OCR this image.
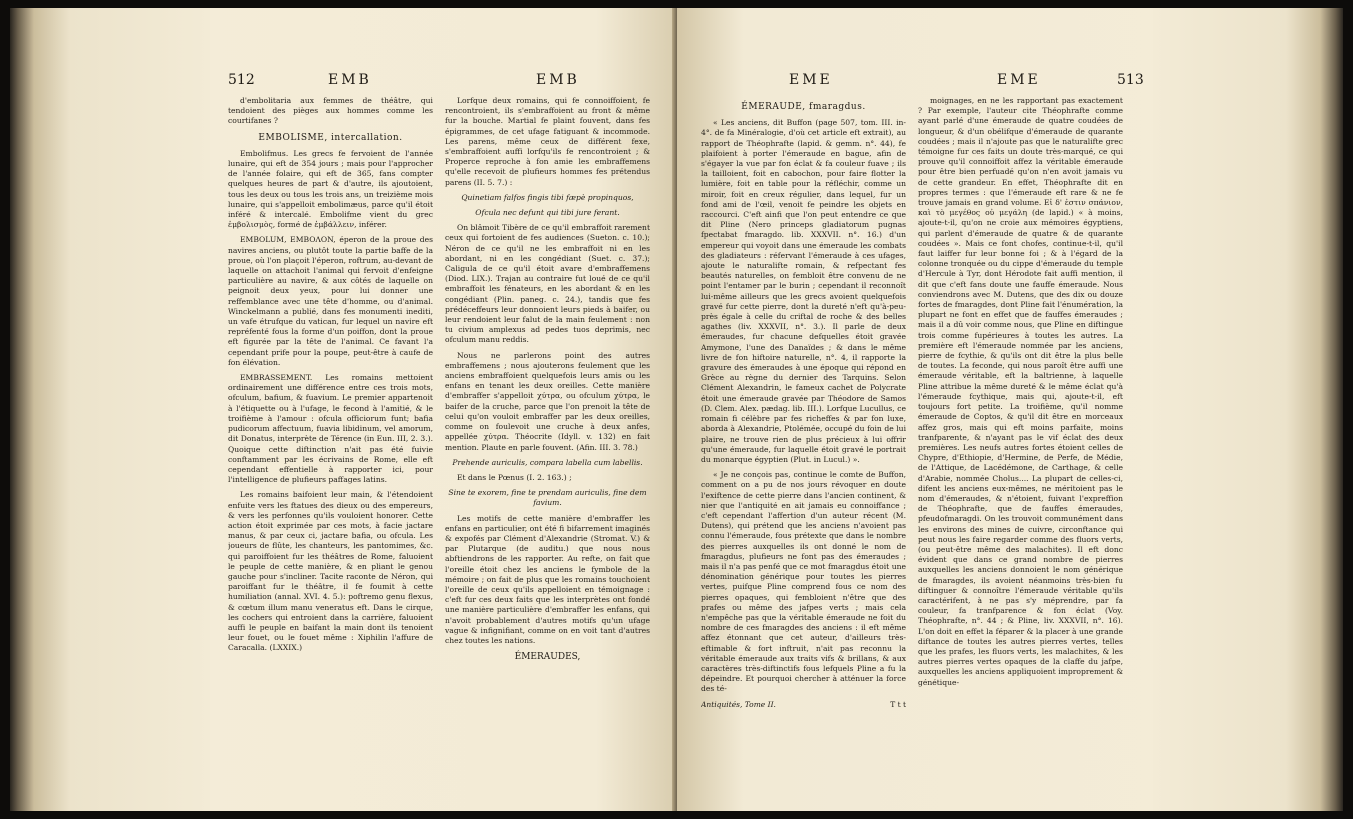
512	EMB	EMB

d'embolitaria aux femmes de théâtre, qui tendoient des pièges aux hommes comme les courtifanes ?

EMBOLISME, intercallation.

Embolifmus. Les grecs fe fervoient de l'année lunaire, qui eft de 354 jours ; mais pour l'approcher de l'année folaire, qui eft de 365, fans compter quelques heures de part & d'autre, ils ajoutoient, tous les deux ou tous les trois ans, un treizième mois lunaire, qui s'appelloit embolimæus, parce qu'il étoit inféré & intercalé. Embolifme vient du grec ἐμβολισμὸς, formé de ἐμβάλλειν, inférer.

EMBOLUM, EMBOΛON, éperon de la proue des navires anciens, ou plutôt toute la partie baffe de la proue, où l'on plaçoit l'éperon, roftrum, au-devant de laquelle on attachoit l'animal qui fervoit d'enfeigne particulière au navire, & aux côtés de laquelle on peignoit deux yeux, pour lui donner une reffemblance avec une tête d'homme, ou d'animal. Winckelmann a publié, dans fes monumenti inediti, un vafe étrufque du vatican, fur lequel un navire eft repréfenté fous la forme d'un poiffon, dont la proue eft figurée par la tête de l'animal. Ce favant l'a cependant prife pour la poupe, peut-être à caufe de fon élévation.

EMBRASSEMENT. Les romains mettoient ordinairement une différence entre ces trois mots, ofculum, bafium, & fuavium. Le premier appartenoit à l'étiquette ou à l'ufage, le fecond à l'amitié, & le troifième à l'amour : ofcula officiorum funt; bafia pudicorum affectuum, fuavia libidinum, vel amorum, dit Donatus, interprète de Térence (in Eun. III, 2. 3.). Quoique cette diftinction n'ait pas été fuivie conftamment par les écrivains de Rome, elle eft cependant effentielle à rapporter ici, pour l'intelligence de plufieurs paffages latins.

Les romains baifoient leur main, & l'étendoient enfuite vers les ftatues des dieux ou des empereurs, & vers les perfonnes qu'ils vouloient honorer. Cette action étoit exprimée par ces mots, à facie jactare manus, & par ceux ci, jactare bafia, ou ofcula. Les joueurs de flûte, les chanteurs, les pantomimes, &c. qui paroiffoient fur les théâtres de Rome, faluoient le peuple de cette manière, & en pliant le genou gauche pour s'incliner. Tacite raconte de Néron, qui paroiffant fur le théâtre, il fe foumit à cette humiliation (annal. XVI. 4. 5.): poftremo genu flexus, & cœtum illum manu veneratus eft. Dans le cirque, les cochers qui entroient dans la carrière, faluoient auffi le peuple en baifant la main dont ils tenoient leur fouet, ou le fouet même : Xiphilin l'affure de Caracalla. (LXXIX.)

Lorfque deux romains, qui fe connoiffoient, fe rencontroient, ils s'embraffoient au front & même fur la bouche. Martial fe plaint fouvent, dans fes épigrammes, de cet ufage fatiguant & incommode. Les parens, même ceux de différent fexe, s'embraffoient auffi lorfqu'ils fe rencontroient ; & Properce reproche à fon amie les embraffemens qu'elle recevoit de plufieurs hommes fes prétendus parens (II. 5. 7.) :

Quinetiam falfos fingis tibi fæpè propinquos,

Ofcula nec defunt qui tibi jure ferant.

On blâmoit Tibère de ce qu'il embraffoit rarement ceux qui fortoient de fes audiences (Sueton. c. 10.); Néron de ce qu'il ne les embraffoit ni en les abordant, ni en les congédiant (Suet. c. 37.); Caligula de ce qu'il étoit avare d'embraffemens (Diod. LIX.). Trajan au contraire fut loué de ce qu'il embraffoit les fénateurs, en les abordant & en les congédiant (Plin. paneg. c. 24.), tandis que fes prédéceffeurs leur donnoient leurs pieds à baifer, ou leur rendoient leur falut de la main feulement : non tu civium amplexus ad pedes tuos deprimis, nec ofculum manu reddis.

Nous ne parlerons point des autres embraffemens ; nous ajouterons feulement que les anciens embraffoient quelquefois leurs amis ou les enfans en tenant les deux oreilles. Cette manière d'embraffer s'appelloit χύτρα, ou ofculum χύτρα, le baifer de la cruche, parce que l'on prenoit la tête de celui qu'on vouloit embraffer par les deux oreilles, comme on foulevoit une cruche à deux anfes, appellée χύτρα. Théocrite (Idyll. v. 132) en fait mention. Plaute en parle fouvent. (Afin. III. 3. 78.)

Prehende auriculis, compara labella cum labellis.

Et dans le Pœnus (I. 2. 163.) ;

Sine te exorem, fine te prendam auriculis, fine dem favium.

Les motifs de cette manière d'embraffer les enfans en particulier, ont été fi bifarrement imaginés & expofés par Clément d'Alexandrie (Stromat. V.) & par Plutarque (de auditu.) que nous nous abftiendrons de les rapporter. Au refte, on fait que l'oreille étoit chez les anciens le fymbole de la mémoire ; on fait de plus que les romains touchoient l'oreille de ceux qu'ils appelloient en témoignage : c'eft fur ces deux faits que les interprètes ont fondé une manière particulière d'embraffer les enfans, qui n'avoit probablement d'autres motifs qu'un ufage vague & infignifiant, comme on en voit tant d'autres chez toutes les nations.

ÉMERAUDES,

EME	EME	513

ÉMERAUDE, fmaragdus.

« Les anciens, dit Buffon (page 507, tom. III. in-4°. de fa Minéralogie, d'où cet article eft extrait), au rapport de Théophrafte (lapid. & gemm. n°. 44), fe plaifoient à porter l'émeraude en bague, afin de s'égayer la vue par fon éclat & fa couleur fuave ; ils la tailloient, foit en cabochon, pour faire flotter la lumière, foit en table pour la réfléchir, comme un miroir, foit en creux régulier, dans lequel, fur un fond ami de l'œil, venoit fe peindre les objets en raccourci. C'eft ainfi que l'on peut entendre ce que dit Pline (Nero princeps gladiatorum pugnas fpectabat fmaragdo. lib. XXXVII. n°. 16.) d'un empereur qui voyoit dans une émeraude les combats des gladiateurs : réfervant l'émeraude à ces ufages, ajoute le naturalifte romain, & refpectant fes beautés naturelles, on fembloit être convenu de ne point l'entamer par le burin ; cependant il reconnoît lui-même ailleurs que les grecs avoient quelquefois gravé fur cette pierre, dont la dureté n'eft qu'à-peu-près égale à celle du criftal de roche & des belles agathes (liv. XXXVII, n°. 3.). Il parle de deux émeraudes, fur chacune defquelles étoit gravée Amymone, l'une des Danaïdes ; & dans le même livre de fon hiftoire naturelle, n°. 4, il rapporte la gravure des émeraudes à une époque qui répond en Grèce au règne du dernier des Tarquins. Selon Clément Alexandrin, le fameux cachet de Polycrate étoit une émeraude gravée par Théodore de Samos (D. Clem. Alex. pædag. lib. III.). Lorfque Lucullus, ce romain fi célèbre par fes richeffes & par fon luxe, aborda à Alexandrie, Ptolémée, occupé du foin de lui plaire, ne trouve rien de plus précieux à lui offrir qu'une émeraude, fur laquelle étoit gravé le portrait du monarque égyptien (Plut. in Lucul.) ».

« Je ne conçois pas, continue le comte de Buffon, comment on a pu de nos jours révoquer en doute l'exiftence de cette pierre dans l'ancien continent, & nier que l'antiquité en ait jamais eu connoiffance ; c'eft cependant l'affertion d'un auteur récent (M. Dutens), qui prétend que les anciens n'avoient pas connu l'émeraude, fous prétexte que dans le nombre des pierres auxquelles ils ont donné le nom de fmaragdus, plufieurs ne font pas des émeraudes ; mais il n'a pas penfé que ce mot fmaragdus étoit une dénomination générique pour toutes les pierres vertes, puifque Pline comprend fous ce nom des pierres opaques, qui fembloient n'être que des prafes ou même des jafpes verts ; mais cela n'empêche pas que la véritable émeraude ne foit du nombre de ces fmaragdes des anciens : il eft même affez étonnant que cet auteur, d'ailleurs très-eftimable & fort inftruit, n'ait pas reconnu la véritable émeraude aux traits vifs & brillans, & aux caractères très-diftinctifs fous lefquels Pline a fu la dépeindre. Et pourquoi chercher à atténuer la force des té-

Antiquités, Tome II.	T t t

moignages, en ne les rapportant pas exactement ? Par exemple, l'auteur cite Théophrafte comme ayant parlé d'une émeraude de quatre coudées de longueur, & d'un obélifque d'émeraude de quarante coudées ; mais il n'ajoute pas que le naturalifte grec témoigne fur ces faits un doute très-marqué, ce qui prouve qu'il connoiffoit affez la véritable émeraude pour être bien perfuadé qu'on n'en avoit jamais vu de cette grandeur. En effet, Théophrafte dit en propres termes : que l'émeraude eft rare & ne fe trouve jamais en grand volume. Εἰ δ' ἐστιν σπάνιον, καὶ τὸ μεγέθος οὐ μεγάλη (de lapid.) « à moins, ajoute-t-il, qu'on ne croie aux mémoires égyptiens, qui parlent d'émeraude de quatre & de quarante coudées ». Mais ce font chofes, continue-t-il, qu'il faut laiffer fur leur bonne foi ; & à l'égard de la colonne tronquée ou du cippe d'émeraude du temple d'Hercule à Tyr, dont Hérodote fait auffi mention, il dit que c'eft fans doute une fauffe émeraude. Nous conviendrons avec M. Dutens, que des dix ou douze fortes de fmaragdes, dont Pline fait l'énumération, la plupart ne font en effet que de fauffes émeraudes ; mais il a dû voir comme nous, que Pline en diftingue trois comme fupérieures à toutes les autres. La première eft l'émeraude nommée par les anciens, pierre de fcythie, & qu'ils ont dit être la plus belle de toutes. La feconde, qui nous paroît être auffi une émeraude véritable, eft la baltrienne, à laquelle Pline attribue la même dureté & le même éclat qu'à l'émeraude fcythique, mais qui, ajoute-t-il, eft toujours fort petite. La troifième, qu'il nomme émeraude de Coptos, & qu'il dit être en morceaux affez gros, mais qui eft moins parfaite, moins tranfparente, & n'ayant pas le vif éclat des deux premières. Les neufs autres fortes étoient celles de Chypre, d'Ethiopie, d'Hermine, de Perfe, de Médie, de l'Attique, de Lacédémone, de Carthage, & celle d'Arabie, nommée Cholus.... La plupart de celles-ci, difent les anciens eux-mêmes, ne méritoient pas le nom d'émeraudes, & n'étoient, fuivant l'expreffion de Théophrafte, que de fauffes émeraudes, pfeudofmaragdi. On les trouvoit communément dans les environs des mines de cuivre, circonftance qui peut nous les faire regarder comme des fluors verts, (ou peut-être même des malachites). Il eft donc évident que dans ce grand nombre de pierres auxquelles les anciens donnoient le nom générique de fmaragdes, ils avoient néanmoins très-bien fu diftinguer & connoître l'émeraude véritable qu'ils caractérifent, à ne pas s'y méprendre, par fa couleur, fa tranfparence & fon éclat (Voy. Théophrafte, n°. 44 ; & Pline, liv. XXXVII, n°. 16). L'on doit en effet la féparer & la placer à une grande diftance de toutes les autres pierres vertes, telles que les prafes, les fluors verts, les malachites, & les autres pierres vertes opaques de la claffe du jafpe, auxquelles les anciens appliquoient improprement & génétique-
